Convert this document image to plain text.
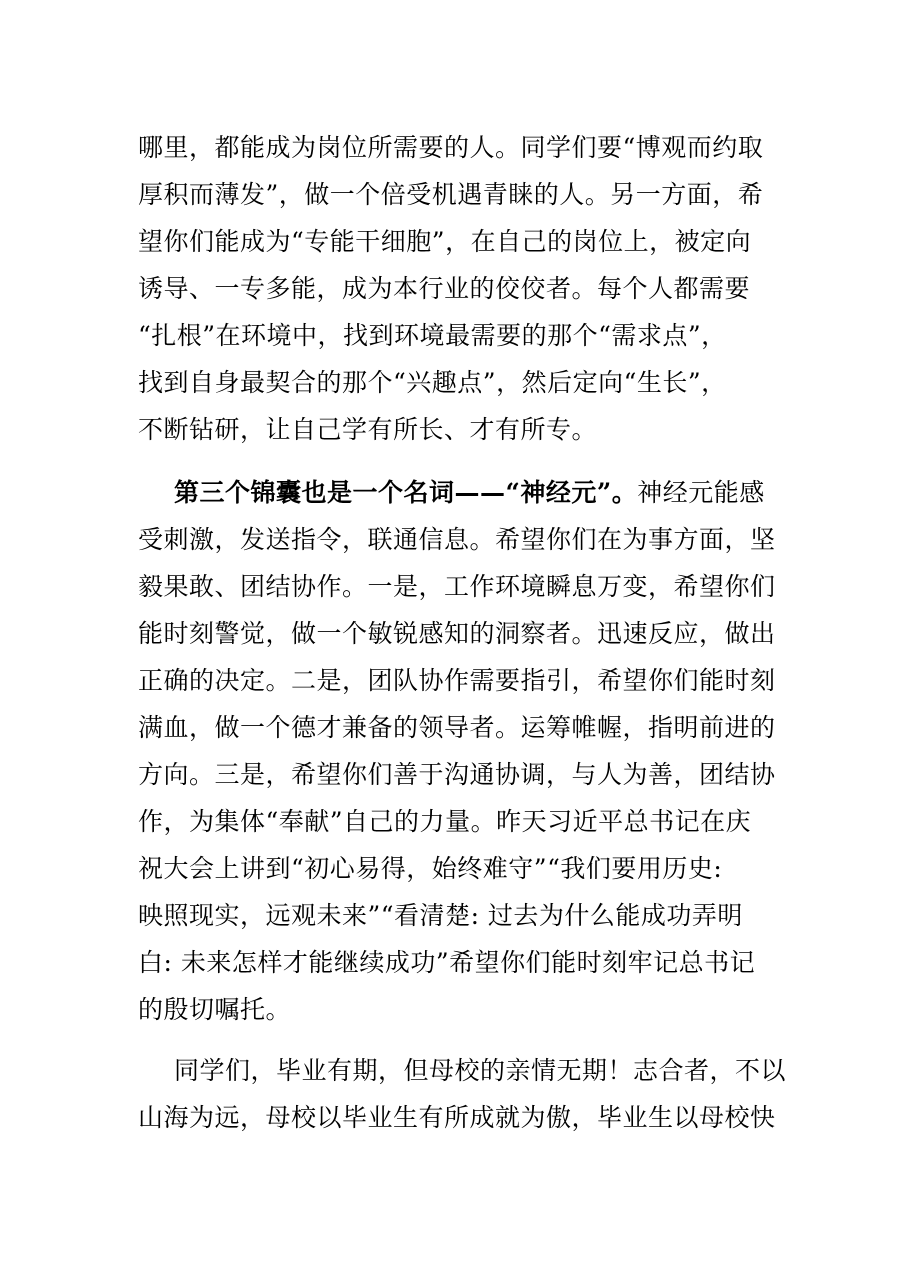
哪里，都能成为岗位所需要的人。同学们要“博观而约取
厚积而薄发”，做一个倍受机遇青睐的人。另一方面，希
望你们能成为“专能干细胞”，在自己的岗位上，被定向
诱导、一专多能，成为本行业的佼佼者。每个人都需要
“扎根”在环境中，找到环境最需要的那个“需求点”，
找到自身最契合的那个“兴趣点”，然后定向“生长”，
不断钻研，让自己学有所长、才有所专。
第三个锦囊也是一个名词——“神经元”。神经元能感
受刺激，发送指令，联通信息。希望你们在为事方面，坚
毅果敢、团结协作。一是，工作环境瞬息万变，希望你们
能时刻警觉，做一个敏锐感知的洞察者。迅速反应，做出
正确的决定。二是，团队协作需要指引，希望你们能时刻
满血，做一个德才兼备的领导者。运筹帷幄，指明前进的
方向。三是，希望你们善于沟通协调，与人为善，团结协
作，为集体“奉献”自己的力量。昨天习近平总书记在庆
祝大会上讲到“初心易得，始终难守”“我们要用历史:
映照现实，远观未来”“看清楚: 过去为什么能成功弄明
白: 未来怎样才能继续成功”希望你们能时刻牢记总书记
的殷切嘱托。
同学们，毕业有期，但母校的亲情无期！志合者，不以
山海为远，母校以毕业生有所成就为傲，毕业生以母校快
